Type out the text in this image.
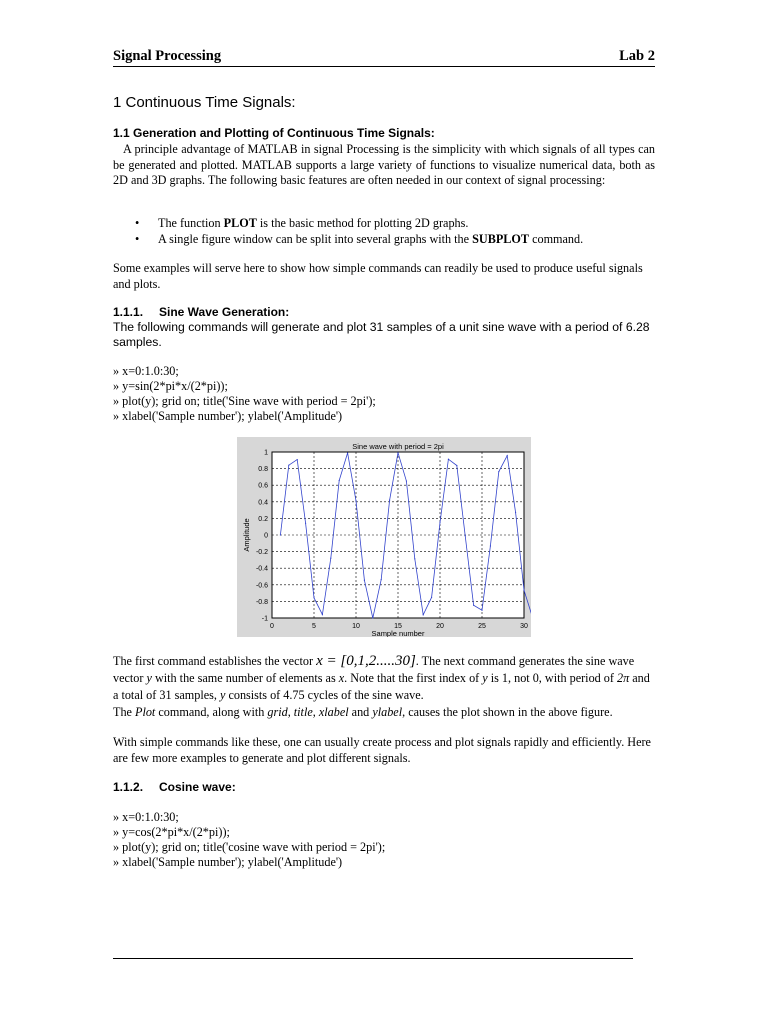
Signal Processing	Lab 2
1 Continuous Time Signals:
1.1 Generation and Plotting of Continuous Time Signals:

A principle advantage of MATLAB in signal Processing is the simplicity with which signals of all types can be generated and plotted. MATLAB supports a large variety of functions to visualize numerical data, both as 2D and 3D graphs. The following basic features are often needed in our context of signal processing:

• The function PLOT is the basic method for plotting 2D graphs.
• A single figure window can be split into several graphs with the SUBPLOT command.

Some examples will serve here to show how simple commands can readily be used to produce useful signals and plots.

1.1.1. Sine Wave Generation:

The following commands will generate and plot 31 samples of a unit sine wave with a period of 6.28 samples.

» x=0:1.0:30;
» y=sin(2*pi*x/(2*pi));
» plot(y); grid on; title('Sine wave with period = 2pi');
» xlabel('Sample number'); ylabel('Amplitude')
0	5	10	15	20	25	30
1
0.8
0.6
0.4
0.2
0
-0.2
-0.4
-0.6
-0.8
-1
Sine wave with period = 2pi
Sample number
Amplitude

The first command establishes the vector x = [0,1,2.....30]. The next command generates the sine wave vector y with the same number of elements as x. Note that the first index of y is 1, not 0, with period of 2π and a total of 31 samples, y consists of 4.75 cycles of the sine wave.
The Plot command, along with grid, title, xlabel and ylabel, causes the plot shown in the above figure.

With simple commands like these, one can usually create process and plot signals rapidly and efficiently. Here are few more examples to generate and plot different signals.

1.1.2. Cosine wave:
» x=0:1.0:30;
» y=cos(2*pi*x/(2*pi));
» plot(y); grid on; title('cosine wave with period = 2pi');
» xlabel('Sample number'); ylabel('Amplitude')
